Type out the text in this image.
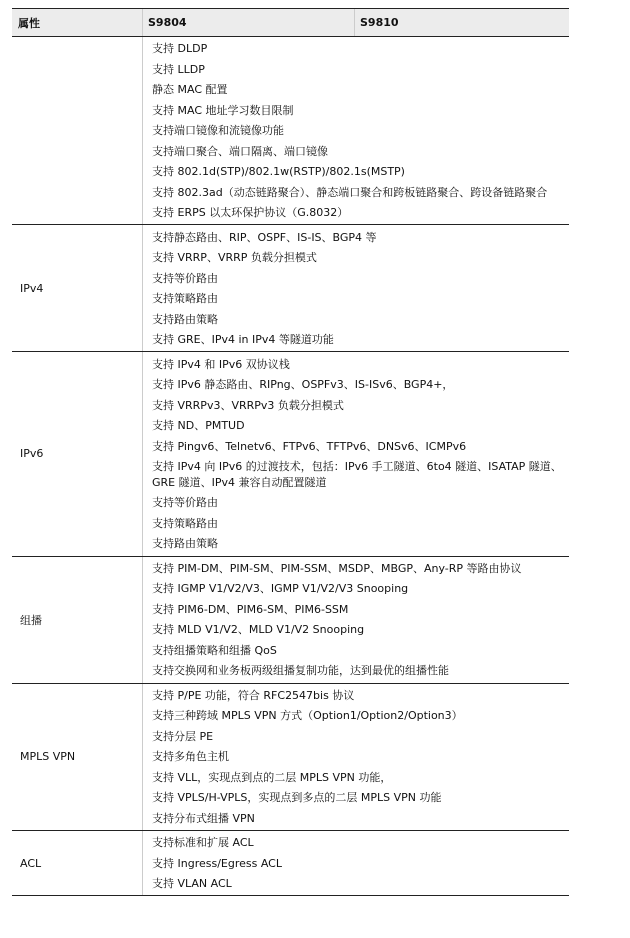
属性	S9804	S9810
支持 DLDP
支持 LLDP
静态 MAC 配置
支持 MAC 地址学习数目限制
支持端口镜像和流镜像功能
支持端口聚合、端口隔离、端口镜像
支持 802.1d(STP)/802.1w(RSTP)/802.1s(MSTP)
支持 802.3ad（动态链路聚合）、静态端口聚合和跨板链路聚合、跨设备链路聚合
支持 ERPS 以太环保护协议（G.8032）
IPv4
支持静态路由、RIP、OSPF、IS-IS、BGP4 等
支持 VRRP、VRRP 负载分担模式
支持等价路由
支持策略路由
支持路由策略
支持 GRE、IPv4 in IPv4 等隧道功能
IPv6
支持 IPv4 和 IPv6 双协议栈
支持 IPv6 静态路由、RIPng、OSPFv3、IS-ISv6、BGP4+，
支持 VRRPv3、VRRPv3 负载分担模式
支持 ND、PMTUD
支持 Pingv6、Telnetv6、FTPv6、TFTPv6、DNSv6、ICMPv6
支持 IPv4 向 IPv6 的过渡技术，包括：IPv6 手工隧道、6to4 隧道、ISATAP 隧道、GRE 隧道、IPv4 兼容自动配置隧道
支持等价路由
支持策略路由
支持路由策略
组播
支持 PIM-DM、PIM-SM、PIM-SSM、MSDP、MBGP、Any-RP 等路由协议
支持 IGMP V1/V2/V3、IGMP V1/V2/V3 Snooping
支持 PIM6-DM、PIM6-SM、PIM6-SSM
支持 MLD V1/V2、MLD V1/V2 Snooping
支持组播策略和组播 QoS
支持交换网和业务板两级组播复制功能，达到最优的组播性能
MPLS VPN
支持 P/PE 功能，符合 RFC2547bis 协议
支持三种跨域 MPLS VPN 方式（Option1/Option2/Option3）
支持分层 PE
支持多角色主机
支持 VLL，实现点到点的二层 MPLS VPN 功能，
支持 VPLS/H-VPLS，实现点到多点的二层 MPLS VPN 功能
支持分布式组播 VPN
ACL
支持标准和扩展 ACL
支持 Ingress/Egress ACL
支持 VLAN ACL
